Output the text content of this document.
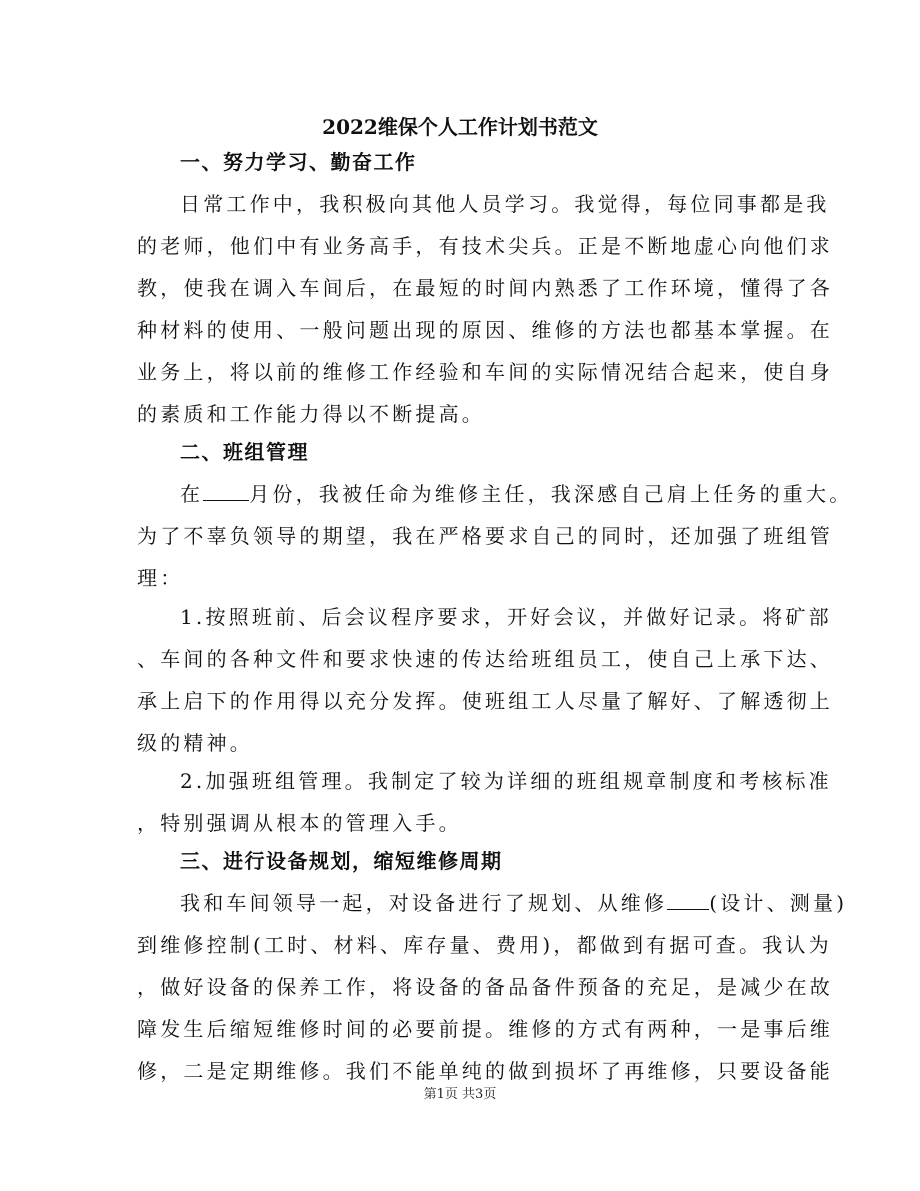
2022维保个人工作计划书范文
一、努力学习、勤奋工作
日常工作中，我积极向其他人员学习。我觉得，每位同事都是我
的老师，他们中有业务高手，有技术尖兵。正是不断地虚心向他们求
教，使我在调入车间后，在最短的时间内熟悉了工作环境，懂得了各
种材料的使用、一般问题出现的原因、维修的方法也都基本掌握。在
业务上，将以前的维修工作经验和车间的实际情况结合起来，使自身
的素质和工作能力得以不断提高。
二、班组管理
在 月份，我被任命为维修主任，我深感自己肩上任务的重大。
为了不辜负领导的期望，我在严格要求自己的同时，还加强了班组管
理：
1.按照班前、后会议程序要求，开好会议，并做好记录。将矿部
、车间的各种文件和要求快速的传达给班组员工，使自己上承下达、
承上启下的作用得以充分发挥。使班组工人尽量了解好、了解透彻上
级的精神。
2.加强班组管理。我制定了较为详细的班组规章制度和考核标准
，特别强调从根本的管理入手。
三、进行设备规划，缩短维修周期
我和车间领导一起，对设备进行了规划、从维修 (设计、测量)
到维修控制(工时、材料、库存量、费用)，都做到有据可查。我认为
，做好设备的保养工作，将设备的备品备件预备的充足，是减少在故
障发生后缩短维修时间的必要前提。维修的方式有两种，一是事后维
修，二是定期维修。我们不能单纯的做到损坏了再维修，只要设备能
第1页 共3页
